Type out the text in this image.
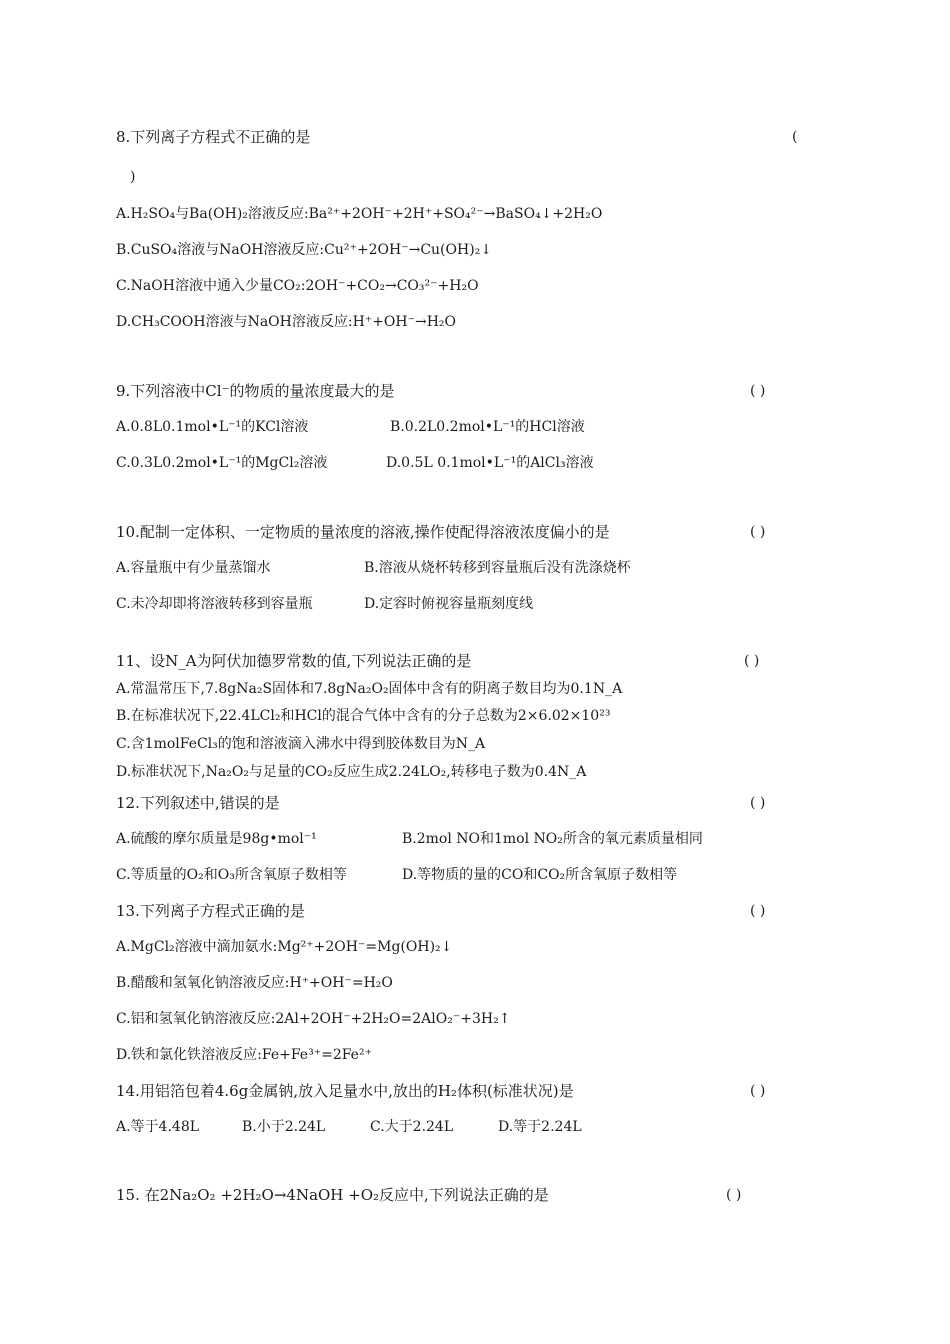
8.下列离子方程式不正确的是	(
)
A.H₂SO₄与Ba(OH)₂溶液反应:Ba²⁺+2OH⁻+2H⁺+SO₄²⁻→BaSO₄↓+2H₂O
B.CuSO₄溶液与NaOH溶液反应:Cu²⁺+2OH⁻→Cu(OH)₂↓
C.NaOH溶液中通入少量CO₂:2OH⁻+CO₂→CO₃²⁻+H₂O
D.CH₃COOH溶液与NaOH溶液反应:H⁺+OH⁻→H₂O
9.下列溶液中Cl⁻的物质的量浓度最大的是	( )
A.0.8L0.1mol•L⁻¹的KCl溶液	B.0.2L0.2mol•L⁻¹的HCl溶液
C.0.3L0.2mol•L⁻¹的MgCl₂溶液	D.0.5L 0.1mol•L⁻¹的AlCl₃溶液
10.配制一定体积、一定物质的量浓度的溶液,操作使配得溶液浓度偏小的是	( )
A.容量瓶中有少量蒸馏水	B.溶液从烧杯转移到容量瓶后没有洗涤烧杯
C.未冷却即将溶液转移到容量瓶	D.定容时俯视容量瓶刻度线
11、设N_A为阿伏加德罗常数的值,下列说法正确的是	( )
A.常温常压下,7.8gNa₂S固体和7.8gNa₂O₂固体中含有的阴离子数目均为0.1N_A
B.在标准状况下,22.4LCl₂和HCl的混合气体中含有的分子总数为2×6.02×10²³
C.含1molFeCl₃的饱和溶液滴入沸水中得到胶体数目为N_A
D.标准状况下,Na₂O₂与足量的CO₂反应生成2.24LO₂,转移电子数为0.4N_A
12.下列叙述中,错误的是	( )
A.硫酸的摩尔质量是98g•mol⁻¹	B.2mol NO和1mol NO₂所含的氧元素质量相同
C.等质量的O₂和O₃所含氧原子数相等	D.等物质的量的CO和CO₂所含氧原子数相等
13.下列离子方程式正确的是	( )
A.MgCl₂溶液中滴加氨水:Mg²⁺+2OH⁻=Mg(OH)₂↓
B.醋酸和氢氧化钠溶液反应:H⁺+OH⁻=H₂O
C.铝和氢氧化钠溶液反应:2Al+2OH⁻+2H₂O=2AlO₂⁻+3H₂↑
D.铁和氯化铁溶液反应:Fe+Fe³⁺=2Fe²⁺
14.用铝箔包着4.6g金属钠,放入足量水中,放出的H₂体积(标准状况)是	( )
A.等于4.48L	B.小于2.24L	C.大于2.24L	D.等于2.24L
15. 在2Na₂O₂ +2H₂O→4NaOH +O₂反应中,下列说法正确的是	( )
